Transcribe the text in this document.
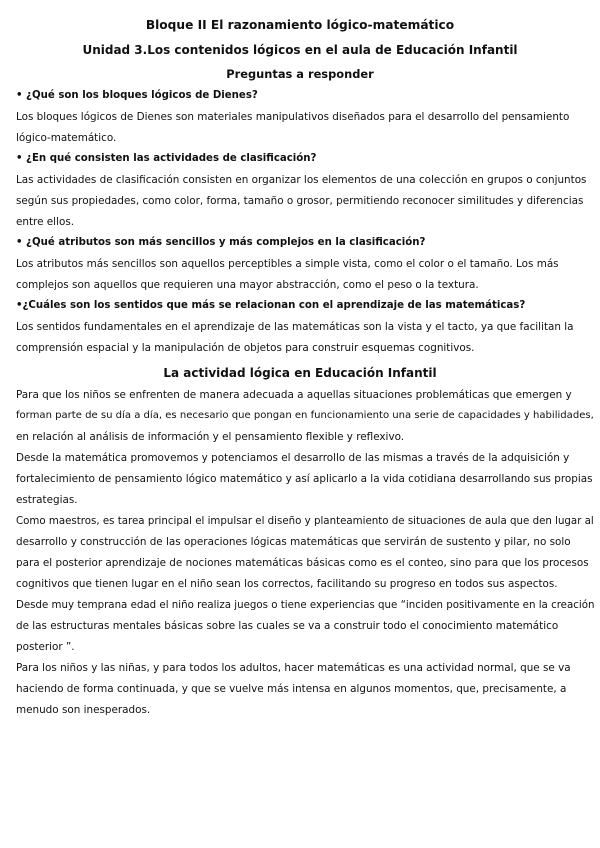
Bloque II El razonamiento lógico-matemático
Unidad 3.Los contenidos lógicos en el aula de Educación Infantil
Preguntas a responder
• ¿Qué son los bloques lógicos de Dienes?
Los bloques lógicos de Dienes son materiales manipulativos diseñados para el desarrollo del pensamiento
lógico-matemático.
• ¿En qué consisten las actividades de clasificación?
Las actividades de clasificación consisten en organizar los elementos de una colección en grupos o conjuntos
según sus propiedades, como color, forma, tamaño o grosor, permitiendo reconocer similitudes y diferencias
entre ellos.
• ¿Qué atributos son más sencillos y más complejos en la clasificación?
Los atributos más sencillos son aquellos perceptibles a simple vista, como el color o el tamaño. Los más
complejos son aquellos que requieren una mayor abstracción, como el peso o la textura.
•¿Cuáles son los sentidos que más se relacionan con el aprendizaje de las matemáticas?
Los sentidos fundamentales en el aprendizaje de las matemáticas son la vista y el tacto, ya que facilitan la
comprensión espacial y la manipulación de objetos para construir esquemas cognitivos.
La actividad lógica en Educación Infantil
Para que los niños se enfrenten de manera adecuada a aquellas situaciones problemáticas que emergen y
forman parte de su día a día, es necesario que pongan en funcionamiento una serie de capacidades y habilidades,
en relación al análisis de información y el pensamiento flexible y reflexivo.
Desde la matemática promovemos y potenciamos el desarrollo de las mismas a través de la adquisición y
fortalecimiento de pensamiento lógico matemático y así aplicarlo a la vida cotidiana desarrollando sus propias
estrategias.
Como maestros, es tarea principal el impulsar el diseño y planteamiento de situaciones de aula que den lugar al
desarrollo y construcción de las operaciones lógicas matemáticas que servirán de sustento y pilar, no solo
para el posterior aprendizaje de nociones matemáticas básicas como es el conteo, sino para que los procesos
cognitivos que tienen lugar en el niño sean los correctos, facilitando su progreso en todos sus aspectos.
Desde muy temprana edad el niño realiza juegos o tiene experiencias que “inciden positivamente en la creación
de las estructuras mentales básicas sobre las cuales se va a construir todo el conocimiento matemático
posterior ”.
Para los niños y las niñas, y para todos los adultos, hacer matemáticas es una actividad normal, que se va
haciendo de forma continuada, y que se vuelve más intensa en algunos momentos, que, precisamente, a
menudo son inesperados.
